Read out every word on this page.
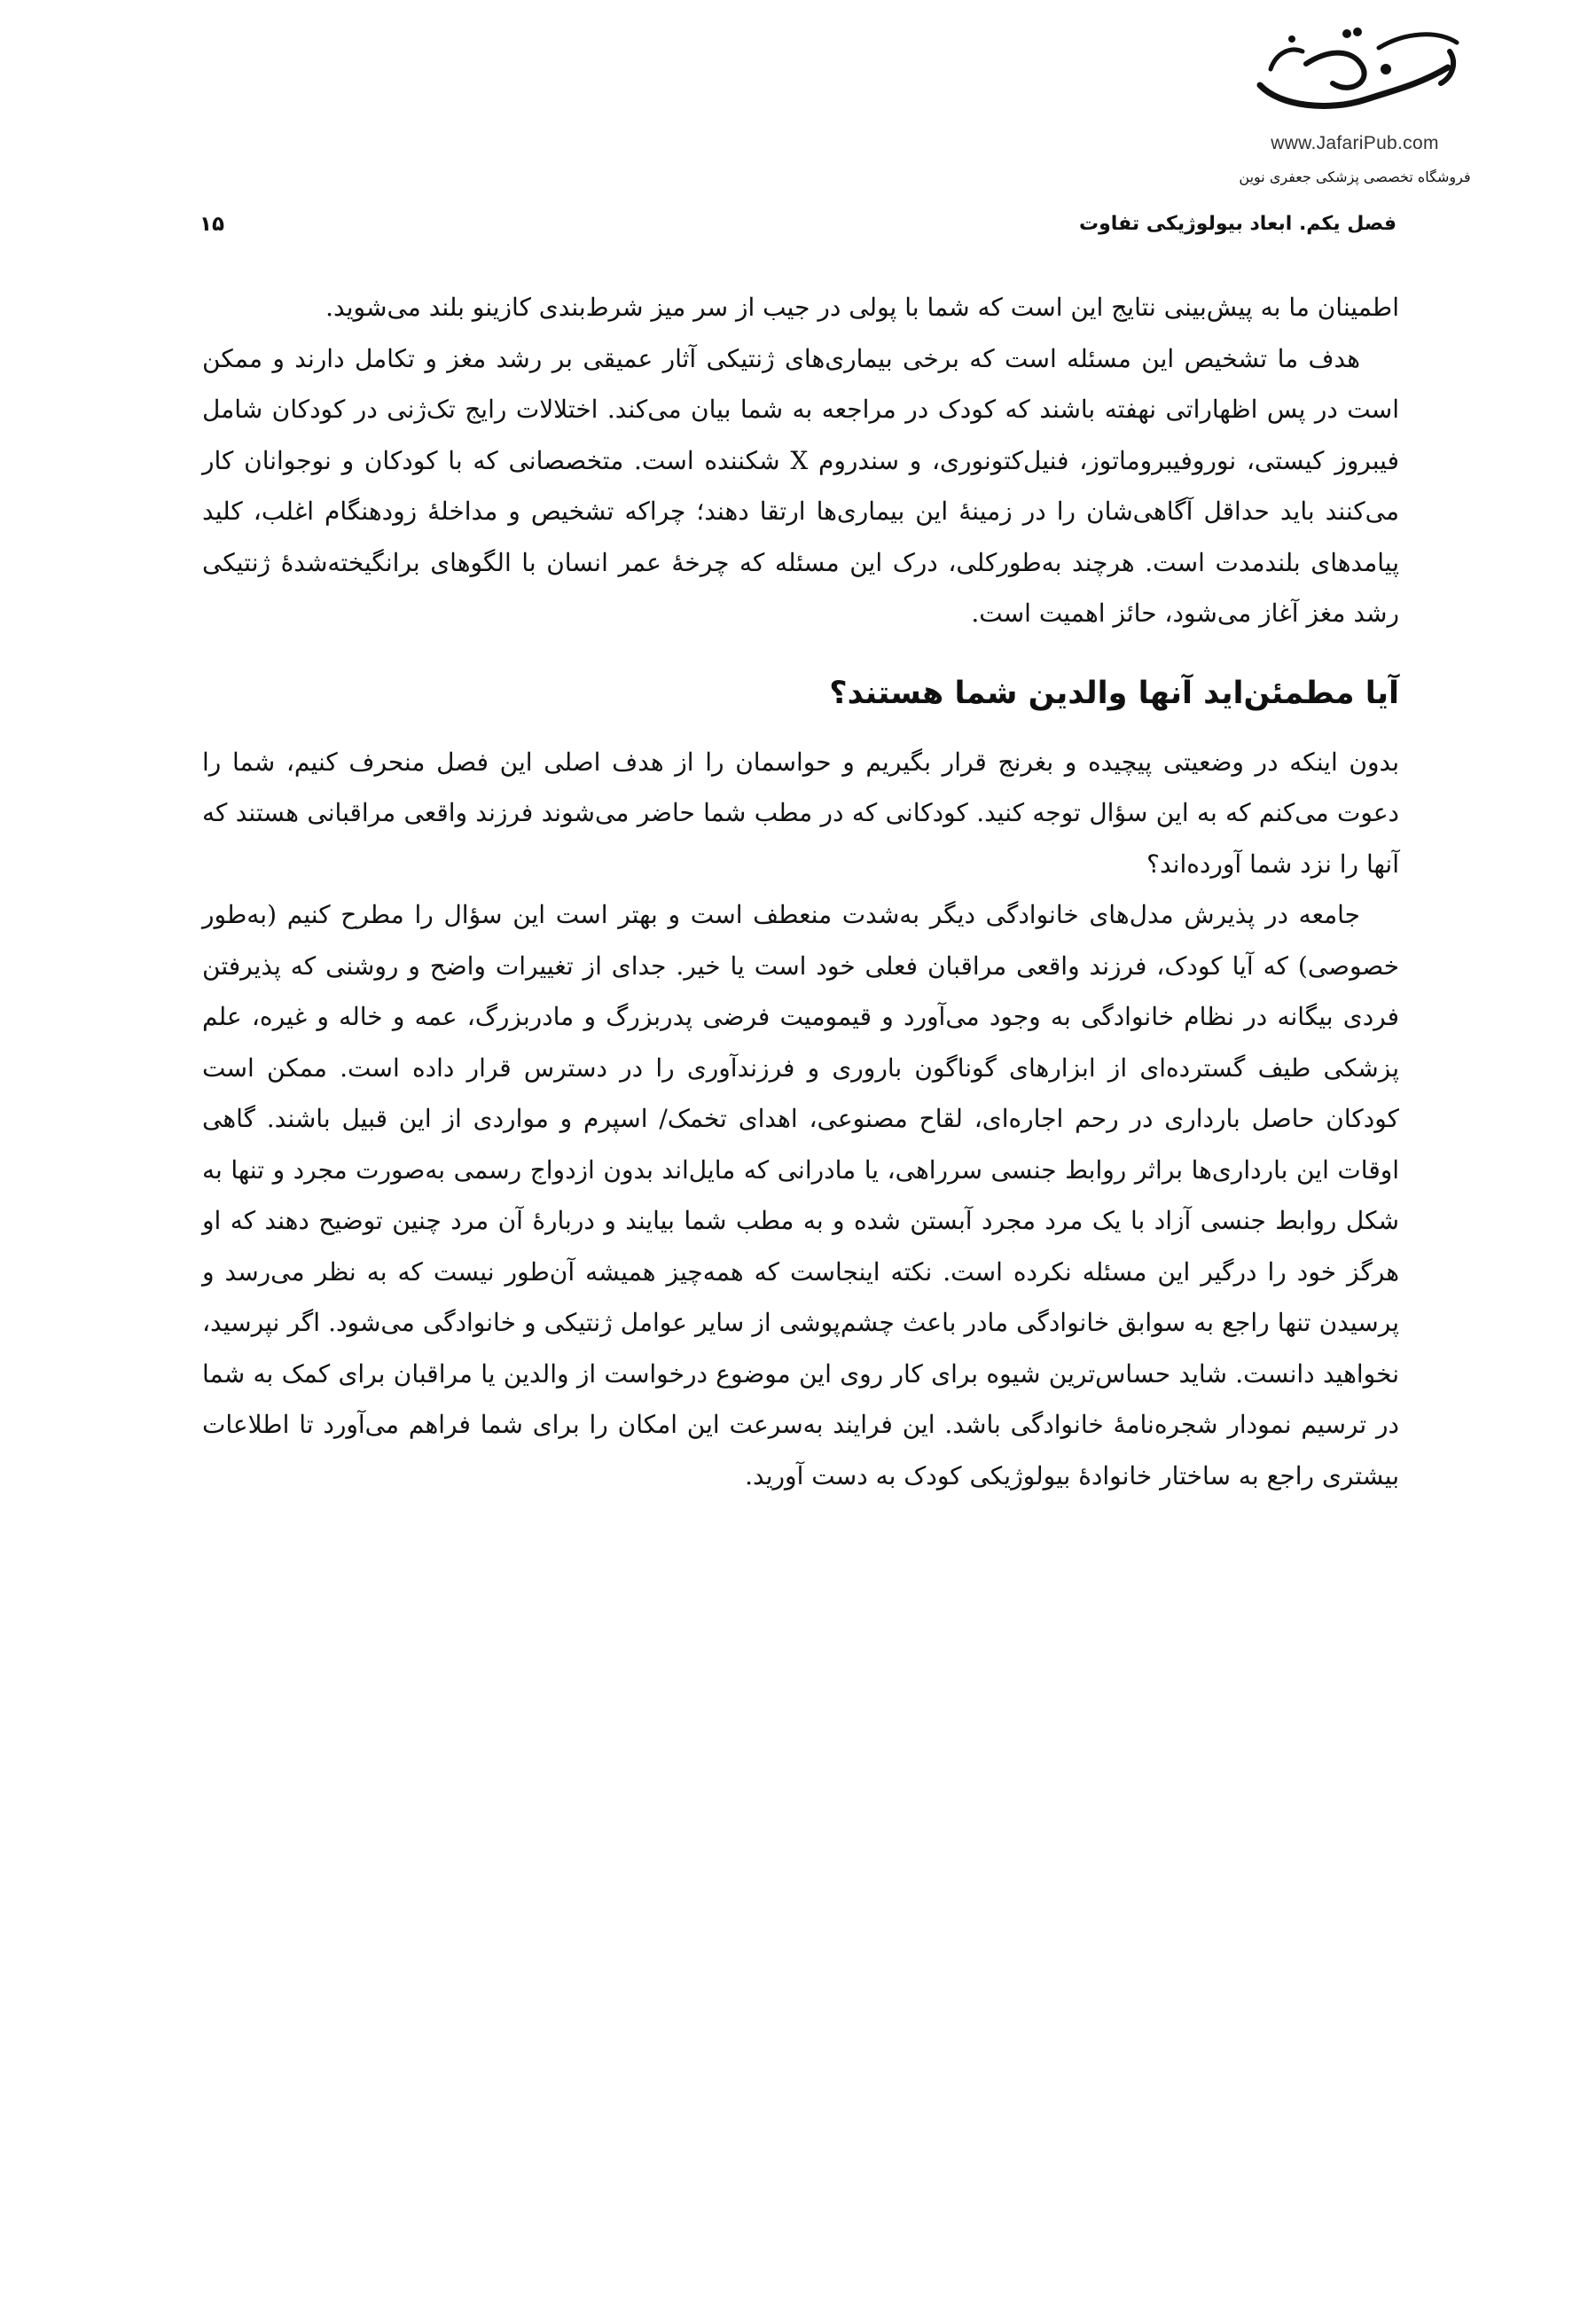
www.JafariPub.com
فروشگاه تخصصی پزشکی جعفری نوین
فصل یکم. ابعاد بیولوژیکی تفاوت
۱۵

اطمینان ما به پیش‌بینی نتایج این است که شما با پولی در جیب از سر میز شرط‌بندی کازینو بلند می‌شوید.

هدف ما تشخیص این مسئله است که برخی بیماری‌های ژنتیکی آثار عمیقی بر رشد مغز و تکامل دارند و ممکن است در پس اظهاراتی نهفته باشند که کودک در مراجعه به شما بیان می‌کند. اختلالات رایج تک‌ژنی در کودکان شامل فیبروز کیستی، نوروفیبروماتوز، فنیل‌کتونوری، و سندروم X شکننده است. متخصصانی که با کودکان و نوجوانان کار می‌کنند باید حداقل آگاهی‌شان را در زمینهٔ این بیماری‌ها ارتقا دهند؛ چراکه تشخیص و مداخلهٔ زودهنگام اغلب، کلید پیامدهای بلندمدت است. هرچند به‌طورکلی، درک این مسئله که چرخهٔ عمر انسان با الگوهای برانگیخته‌شدهٔ ژنتیکی رشد مغز آغاز می‌شود، حائز اهمیت است.

آیا مطمئن‌اید آنها والدین شما هستند؟

بدون اینکه در وضعیتی پیچیده و بغرنج قرار بگیریم و حواسمان را از هدف اصلی این فصل منحرف کنیم، شما را دعوت می‌کنم که به این سؤال توجه کنید. کودکانی که در مطب شما حاضر می‌شوند فرزند واقعی مراقبانی هستند که آنها را نزد شما آورده‌اند؟

جامعه در پذیرش مدل‌های خانوادگی دیگر به‌شدت منعطف است و بهتر است این سؤال را مطرح کنیم (به‌طور خصوصی) که آیا کودک، فرزند واقعی مراقبان فعلی خود است یا خیر. جدای از تغییرات واضح و روشنی که پذیرفتن فردی بیگانه در نظام خانوادگی به وجود می‌آورد و قیمومیت فرضی پدربزرگ و مادربزرگ، عمه و خاله و غیره، علم پزشکی طیف گسترده‌ای از ابزارهای گوناگون باروری و فرزندآوری را در دسترس قرار داده است. ممکن است کودکان حاصل بارداری در رحم اجاره‌ای، لقاح مصنوعی، اهدای تخمک/ اسپرم و مواردی از این قبیل باشند. گاهی اوقات این بارداری‌ها براثر روابط جنسی سرراهی، یا مادرانی که مایل‌اند بدون ازدواج رسمی به‌صورت مجرد و تنها به شکل روابط جنسی آزاد با یک مرد مجرد آبستن شده و به مطب شما بیایند و دربارهٔ آن مرد چنین توضیح دهند که او هرگز خود را درگیر این مسئله نکرده است. نکته اینجاست که همه‌چیز همیشه آن‌طور نیست که به نظر می‌رسد و پرسیدن تنها راجع به سوابق خانوادگی مادر باعث چشم‌پوشی از سایر عوامل ژنتیکی و خانوادگی می‌شود. اگر نپرسید، نخواهید دانست. شاید حساس‌ترین شیوه برای کار روی این موضوع درخواست از والدین یا مراقبان برای کمک به شما در ترسیم نمودار شجره‌نامهٔ خانوادگی باشد. این فرایند به‌سرعت این امکان را برای شما فراهم می‌آورد تا اطلاعات بیشتری راجع به ساختار خانوادهٔ بیولوژیکی کودک به دست آورید.
